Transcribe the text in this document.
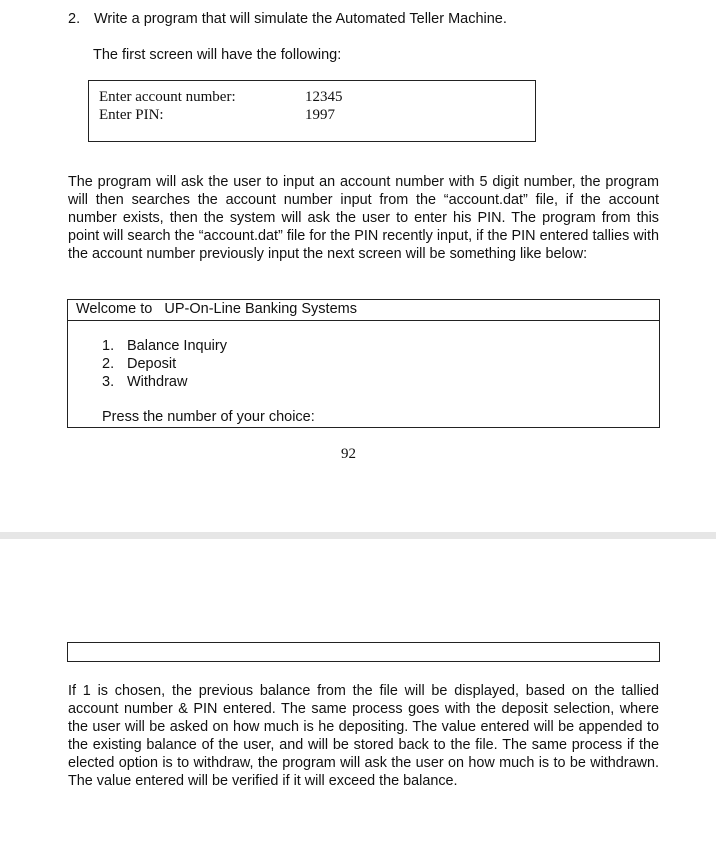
2. Write a program that will simulate the Automated Teller Machine.
The first screen will have the following:
Enter account number:	12345
Enter PIN:	1997
The program will ask the user to input an account number with 5 digit number, the program will then searches the account number input from the “account.dat” file, if the account number exists, then the system will ask the user to enter his PIN. The program from this point will search the “account.dat” file for the PIN recently input, if the PIN entered tallies with the account number previously input the next screen will be something like below:
Welcome to   UP-On-Line Banking Systems
1. Balance Inquiry
2. Deposit
3. Withdraw
Press the number of your choice:
92
If 1 is chosen, the previous balance from the file will be displayed, based on the tallied account number & PIN entered. The same process goes with the deposit selection, where the user will be asked on how much is he depositing. The value entered will be appended to the existing balance of the user, and will be stored back to the file. The same process if the elected option is to withdraw, the program will ask the user on how much is to be withdrawn. The value entered will be verified if it will exceed the balance.
